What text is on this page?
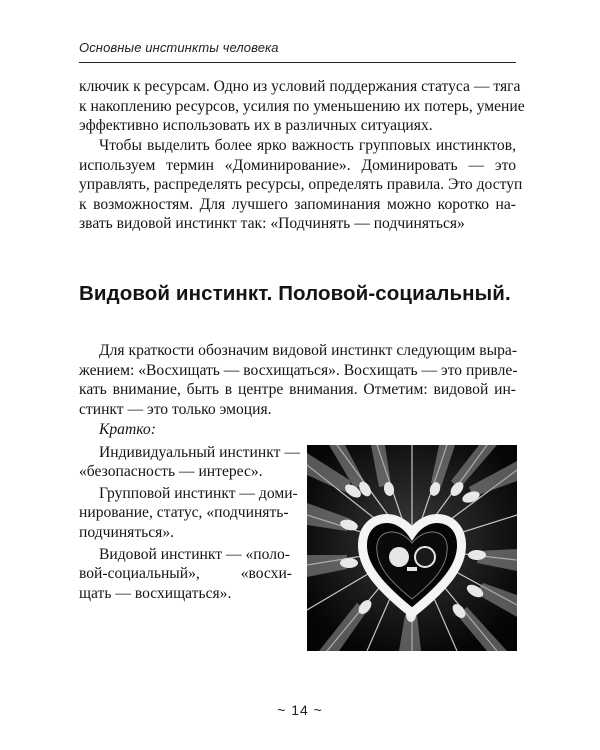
Основные инстинкты человека

ключик к ресурсам. Одно из условий поддержания статуса — тяга
к накоплению ресурсов, усилия по уменьшению их потерь, умение
эффективно использовать их в различных ситуациях.

Чтобы выделить более ярко важность групповых инстинктов,
используем термин «Доминирование». Доминировать — это
управлять, распределять ресурсы, определять правила. Это доступ
к возможностям. Для лучшего запоминания можно коротко на-
звать видовой инстинкт так: «Подчинять — подчиняться»

Видовой инстинкт. Половой-социальный.

Для краткости обозначим видовой инстинкт следующим выра-
жением: «Восхищать — восхищаться». Восхищать — это привле-
кать внимание, быть в центре внимания. Отметим: видовой ин-
стинкт — это только эмоция.

Кратко:
Индивидуальный инстинкт —
«безопасность — интерес».
Групповой инстинкт — доми-
нирование, статус, «подчинять-
подчиняться».
Видовой инстинкт — «поло-
вой-социальный», «восхи-
щать — восхищаться».
~ 14 ~
